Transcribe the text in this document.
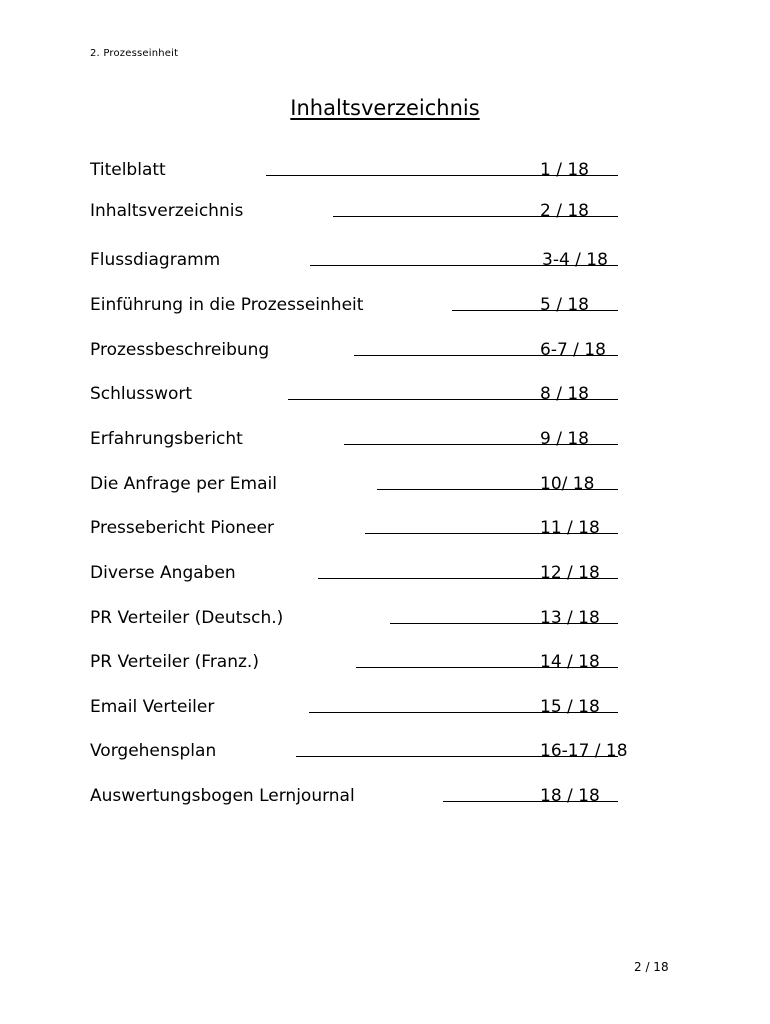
2. Prozesseinheit
Inhaltsverzeichnis
Titelblatt	1 / 18
Inhaltsverzeichnis	2 / 18
Flussdiagramm	3-4 / 18
Einführung in die Prozesseinheit	5 / 18
Prozessbeschreibung	6-7 / 18
Schlusswort	8 / 18
Erfahrungsbericht	9 / 18
Die Anfrage per Email	10/ 18
Pressebericht Pioneer	11 / 18
Diverse Angaben	12 / 18
PR Verteiler (Deutsch.)	13 / 18
PR Verteiler (Franz.)	14 / 18
Email Verteiler	15 / 18
Vorgehensplan	16-17 / 18
Auswertungsbogen Lernjournal	18 / 18
2 / 18
